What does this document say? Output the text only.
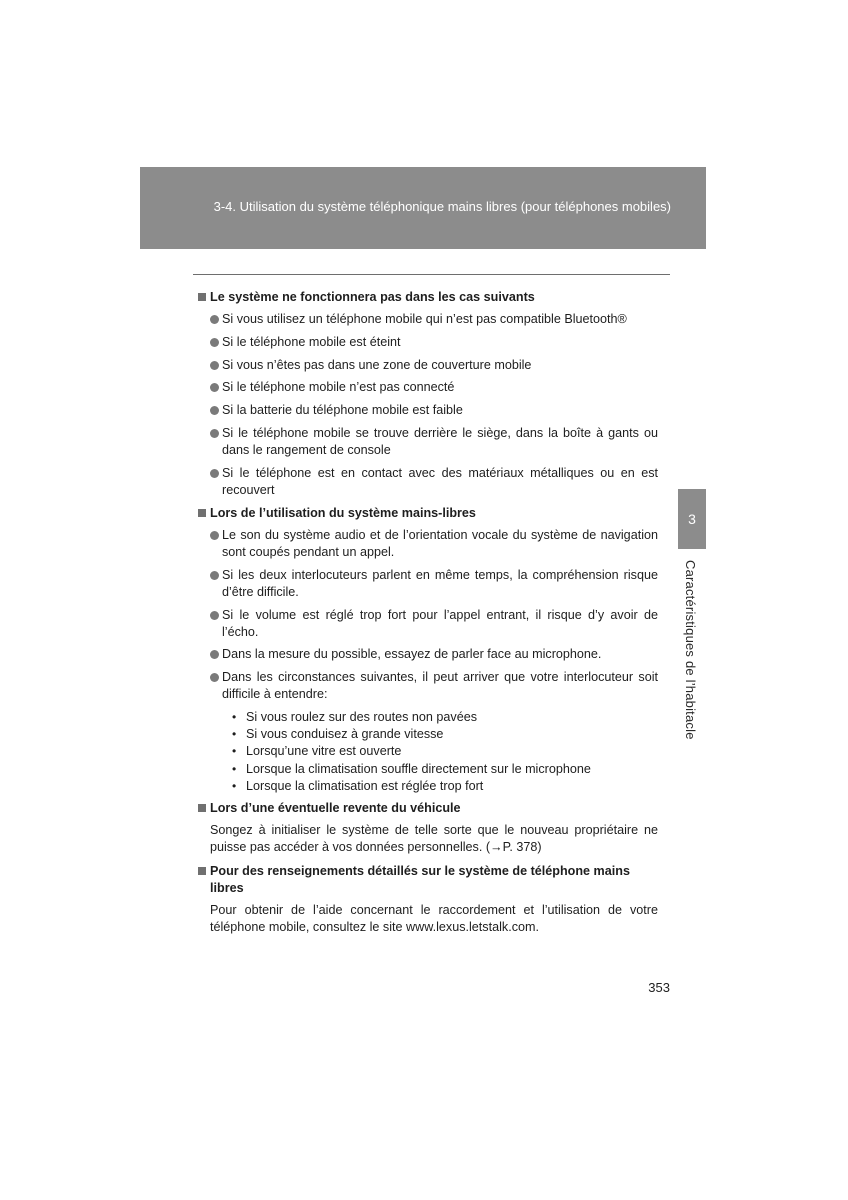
3-4. Utilisation du système téléphonique mains libres (pour téléphones mobiles)
3
Caractéristiques de l’habitacle
Le système ne fonctionnera pas dans les cas suivants
Si vous utilisez un téléphone mobile qui n’est pas compatible Bluetooth®
Si le téléphone mobile est éteint
Si vous n’êtes pas dans une zone de couverture mobile
Si le téléphone mobile n’est pas connecté
Si la batterie du téléphone mobile est faible
Si le téléphone mobile se trouve derrière le siège, dans la boîte à gants ou dans le rangement de console
Si le téléphone est en contact avec des matériaux métalliques ou en est recouvert
Lors de l’utilisation du système mains-libres
Le son du système audio et de l’orientation vocale du système de navigation sont coupés pendant un appel.
Si les deux interlocuteurs parlent en même temps, la compréhension risque d’être difficile.
Si le volume est réglé trop fort pour l’appel entrant, il risque d’y avoir de l’écho.
Dans la mesure du possible, essayez de parler face au microphone.
Dans les circonstances suivantes, il peut arriver que votre interlocuteur soit difficile à entendre:
• Si vous roulez sur des routes non pavées
• Si vous conduisez à grande vitesse
• Lorsqu’une vitre est ouverte
• Lorsque la climatisation souffle directement sur le microphone
• Lorsque la climatisation est réglée trop fort
Lors d’une éventuelle revente du véhicule

Songez à initialiser le système de telle sorte que le nouveau propriétaire ne puisse pas accéder à vos données personnelles. (→P. 378)

Pour des renseignements détaillés sur le système de téléphone mains libres

Pour obtenir de l’aide concernant le raccordement et l’utilisation de votre téléphone mobile, consultez le site www.lexus.letstalk.com.

353
